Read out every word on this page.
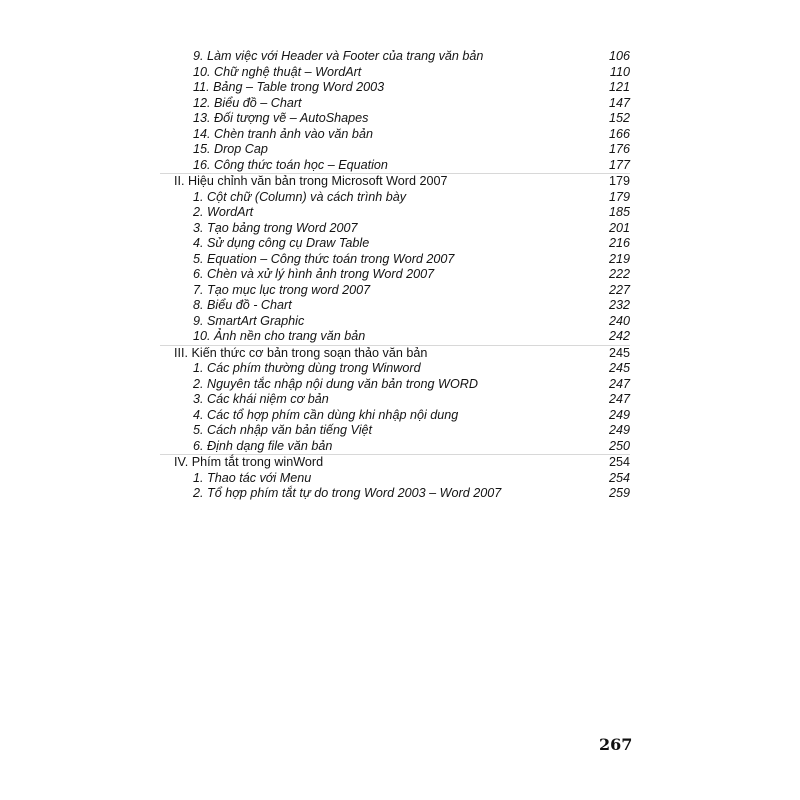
9. Làm việc với Header và Footer của trang văn bản	106
10. Chữ nghệ thuật – WordArt	110
11. Bảng – Table trong Word 2003	121
12. Biểu đồ – Chart	147
13. Đối tượng vẽ – AutoShapes	152
14. Chèn tranh ảnh vào văn bản	166
15. Drop Cap	176
16. Công thức toán học – Equation	177
II. Hiệu chỉnh văn bản trong Microsoft Word 2007	179
1. Cột chữ (Column) và cách trình bày	179
2. WordArt	185
3. Tạo bảng trong Word 2007	201
4. Sử dụng công cụ Draw Table	216
5. Equation – Công thức toán trong Word 2007	219
6. Chèn và xử lý hình ảnh trong Word 2007	222
7. Tạo mục lục trong word 2007	227
8. Biểu đồ - Chart	232
9. SmartArt Graphic	240
10. Ảnh nền cho trang văn bản	242
III. Kiến thức cơ bản trong soạn thảo văn bản	245
1. Các phím thường dùng trong Winword	245
2. Nguyên tắc nhập nội dung văn bản trong WORD	247
3. Các khái niệm cơ bản	247
4. Các tổ hợp phím cần dùng khi nhập nội dung	249
5. Cách nhập văn bản tiếng Việt	249
6. Định dạng file văn bản	250
IV. Phím tắt trong winWord	254
1. Thao tác với Menu	254
2. Tổ hợp phím tắt tự do trong Word 2003 – Word 2007	259
267
